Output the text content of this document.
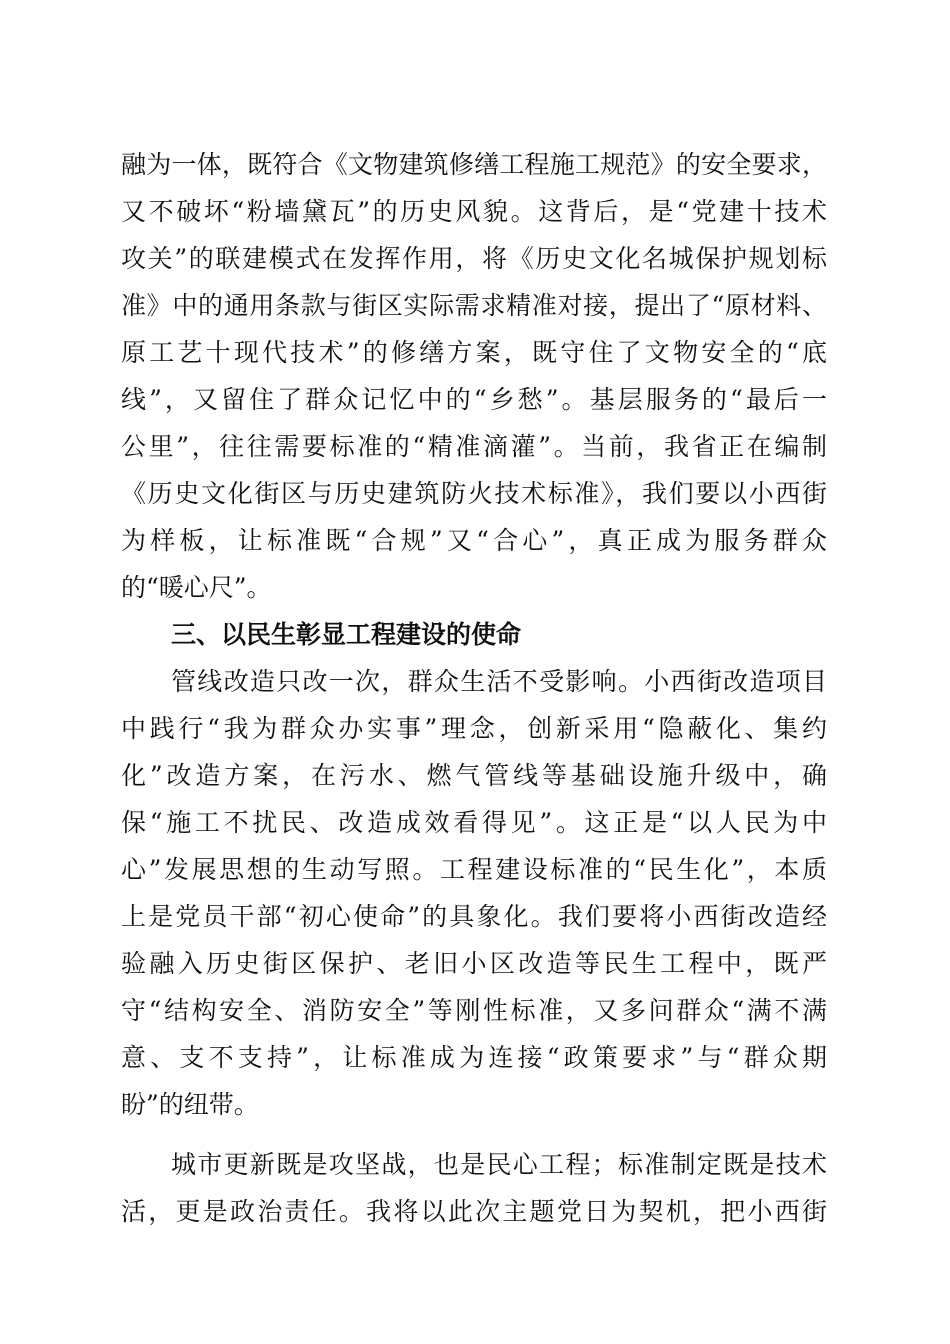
融为一体，既符合《文物建筑修缮工程施工规范》的安全要求，
又不破坏“粉墙黛瓦”的历史风貌。这背后，是“党建十技术
攻关”的联建模式在发挥作用，将《历史文化名城保护规划标
准》中的通用条款与街区实际需求精准对接，提出了“原材料、
原工艺十现代技术”的修缮方案，既守住了文物安全的“底
线”，又留住了群众记忆中的“乡愁”。基层服务的“最后一
公里”，往往需要标准的“精准滴灌”。当前，我省正在编制
《历史文化街区与历史建筑防火技术标准》，我们要以小西街
为样板，让标准既“合规”又“合心”，真正成为服务群众
的“暖心尺”。
三、以民生彰显工程建设的使命
管线改造只改一次，群众生活不受影响。小西街改造项目
中践行“我为群众办实事”理念，创新采用“隐蔽化、集约
化”改造方案，在污水、燃气管线等基础设施升级中，确
保“施工不扰民、改造成效看得见”。这正是“以人民为中
心”发展思想的生动写照。工程建设标准的“民生化”，本质
上是党员干部“初心使命”的具象化。我们要将小西街改造经
验融入历史街区保护、老旧小区改造等民生工程中，既严
守“结构安全、消防安全”等刚性标准，又多问群众“满不满
意、支不支持”，让标准成为连接“政策要求”与“群众期
盼”的纽带。
城市更新既是攻坚战，也是民心工程；标准制定既是技术
活，更是政治责任。我将以此次主题党日为契机，把小西街
